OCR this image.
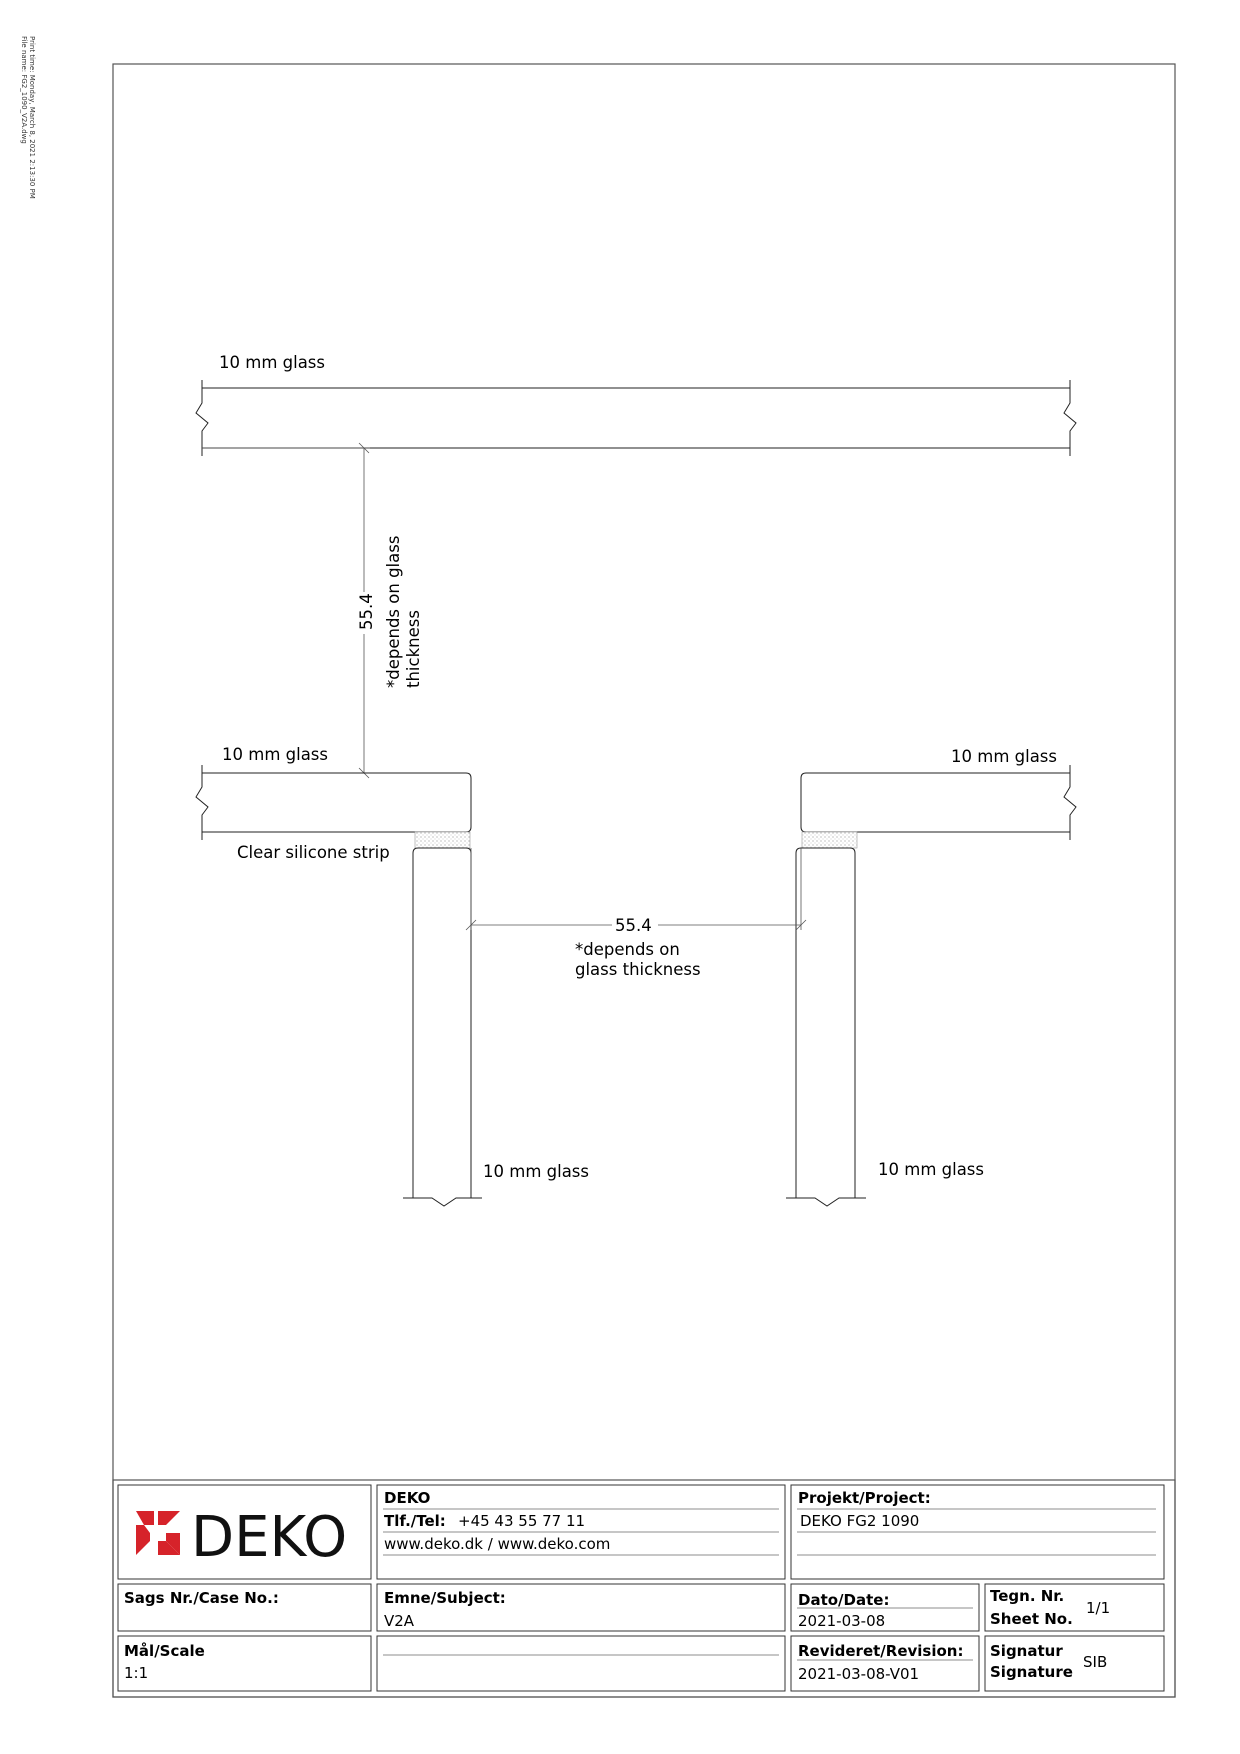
Print time: Monday, March 8, 2021 2:13:30 PM
File name: FG2_1090_V2A.dwg
10 mm glass
55.4 *depends on glass thickness
10 mm glass	10 mm glass
Clear silicone strip
10 mm glass	10 mm glass
55.4
*depends on
glass thickness
DEKO
DEKO
Tlf./Tel: +45 43 55 77 11
www.deko.dk / www.deko.com
Projekt/Project:
DEKO FG2 1090
Sags Nr./Case No.:	Emne/Subject:
V2A
Dato/Date:
2021-03-08
Tegn. Nr.
Sheet No.
1/1
Mål/Scale
1:1
Revideret/Revision:
2021-03-08-V01
Signatur
Signature
SIB
